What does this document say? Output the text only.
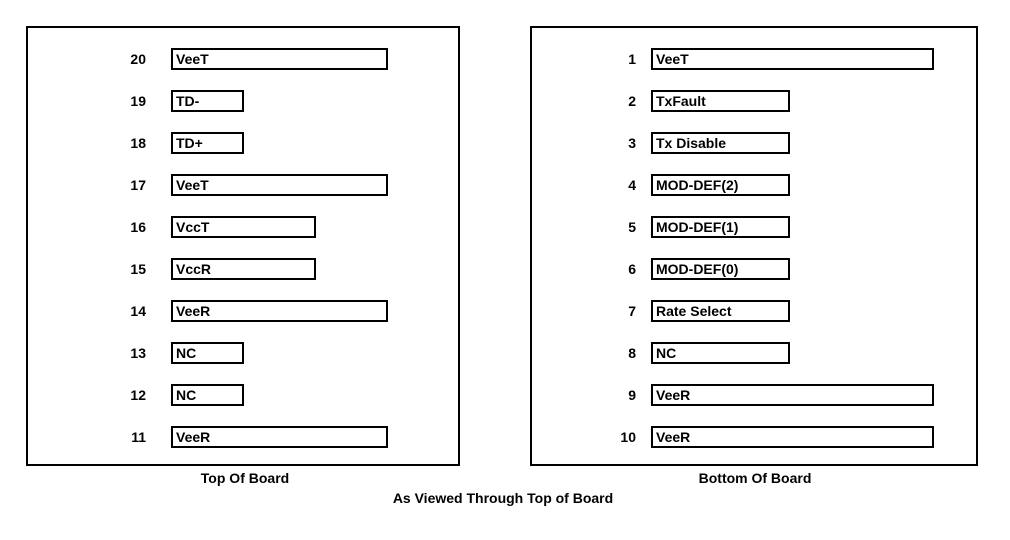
20	VeeT
19	TD-
18	TD+
17	VeeT
16	VccT
15	VccR
14	VeeR
13	NC
12	NC
11	VeeR
1	VeeT
2	TxFault
3	Tx Disable
4	MOD-DEF(2)
5	MOD-DEF(1)
6	MOD-DEF(0)
7	Rate Select
8	NC
9	VeeR
10	VeeR
Top Of Board	Bottom Of Board
As Viewed Through Top of Board
